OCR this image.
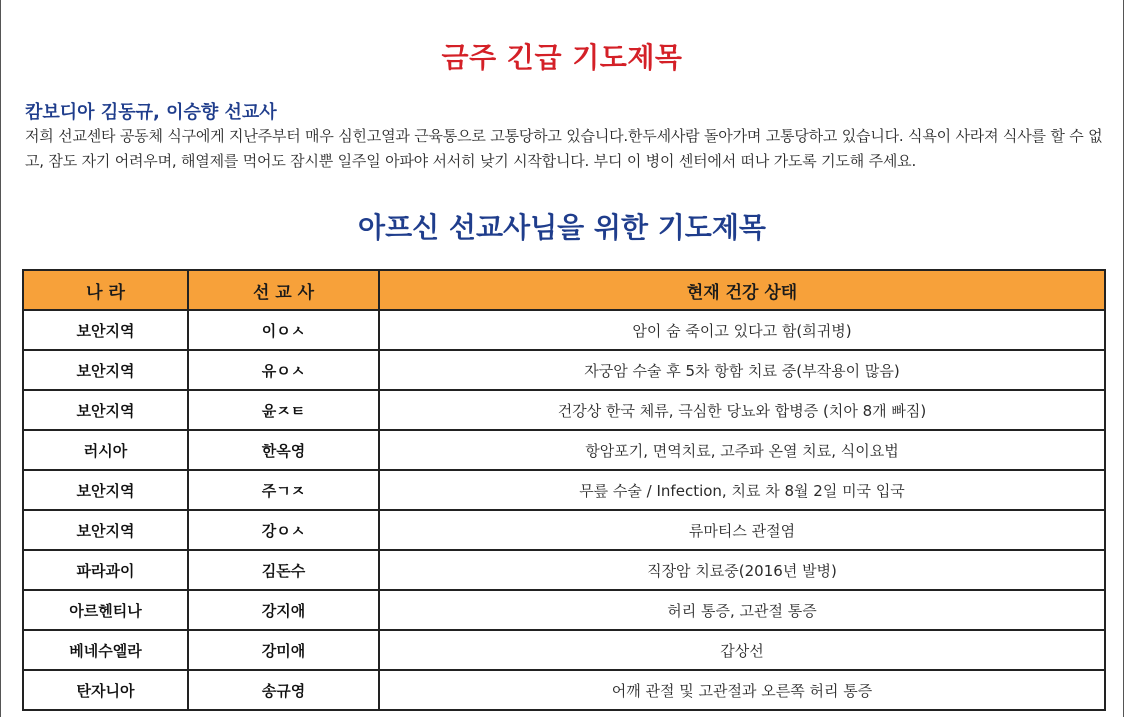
금주 긴급 기도제목
캄보디아 김동규, 이승향 선교사
저희 선교센타 공동체 식구에게 지난주부터 매우 심힌고열과 근육통으로 고통당하고 있습니다.한두세사람 돌아가며 고통당하고 있습니다. 식욕이 사라져 식사를 할 수 없고, 잠도 자기 어려우며, 해열제를 먹어도 잠시뿐 일주일 아파야 서서히 낮기 시작합니다. 부디 이 병이 센터에서 떠나 가도록 기도해 주세요.
아프신 선교사님을 위한 기도제목
나 라	선 교 사	현재 건강 상태
보안지역	이ㅇㅅ	암이 숨 죽이고 있다고 함(희귀병)
보안지역	유ㅇㅅ	자궁암 수술 후 5차 항함 치료 중(부작용이 많음)
보안지역	윤ㅈㅌ	건강상 한국 체류, 극심한 당뇨와 합병증 (치아 8개 빠짐)
러시아	한옥영	항암포기, 면역치료, 고주파 온열 치료, 식이요법
보안지역	주ㄱㅈ	무릎 수술 / Infection, 치료 차 8월 2일 미국 입국
보안지역	강ㅇㅅ	류마티스 관절염
파라과이	김돈수	직장암 치료중(2016년 발병)
아르헨티나	강지애	허리 통증, 고관절 통증
베네수엘라	강미애	갑상선
탄자니아	송규영	어깨 관절 및 고관절과 오른쪽 허리 통증
